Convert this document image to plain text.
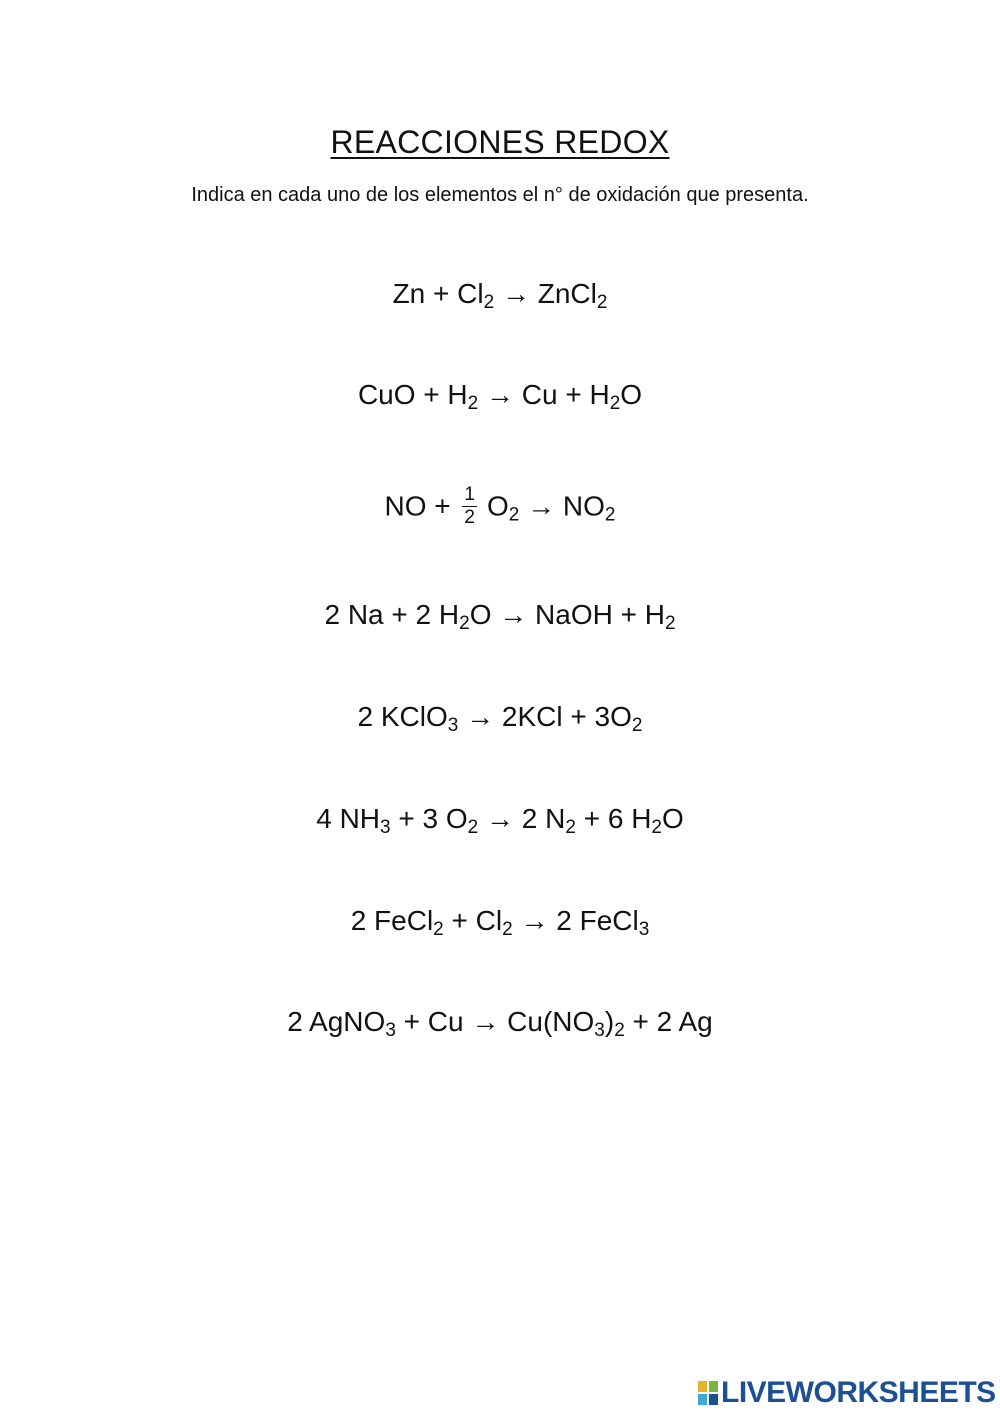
REACCIONES REDOX
Indica en cada uno de los elementos el n° de oxidación que presenta.
$Zn + Cl_2$ → ZnCl$_2$
CuO + $H_2 \to Cu + H_2O$
NO + $\frac{1}{2} O_2 \to NO_2$
2 Na + 2 $H_2O$ → NaOH + $H_2$
2 KClO$_3$ → $2KCl + 3O_2$
4 $NH_3 + 3$ $O_2 \to 2$ $N_2 + 6$ $H_2O$
2 FeCl$_2$ + $Cl_2 \to 2$ FeCl$_3$
2 AgNO$_3$ + $Cu \to Cu(NO_3)_2 + 2$ Ag
LIVEWORKSHEETS
